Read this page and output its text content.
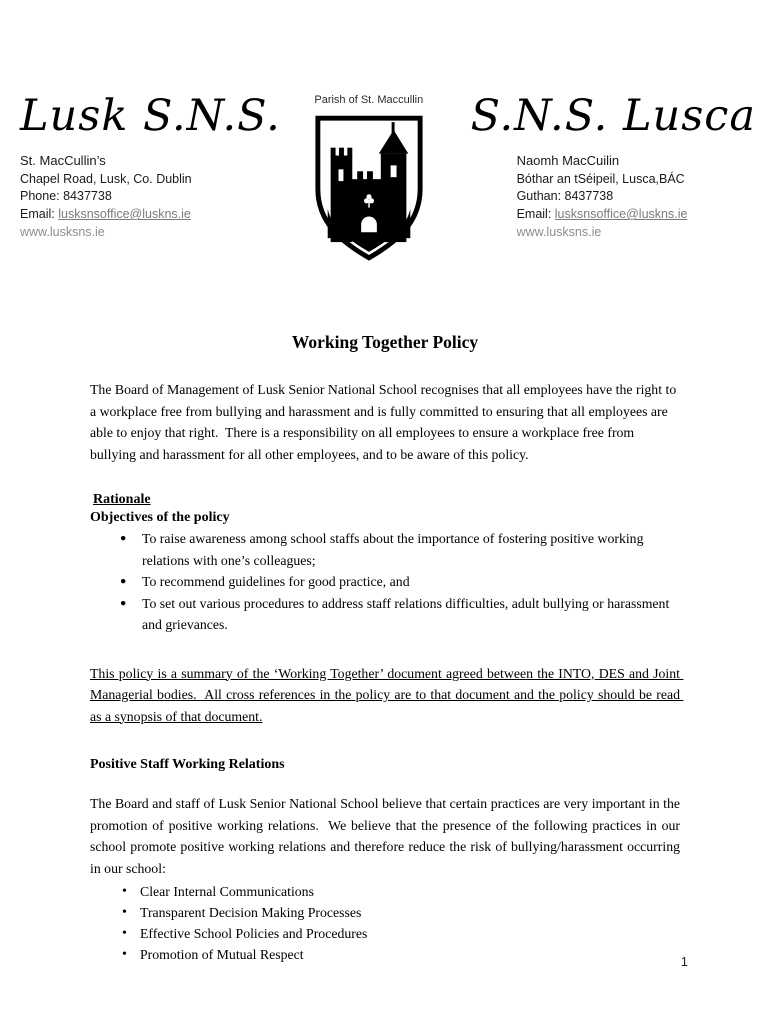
Lusk S.N.S.
St. MacCullin’s
Chapel Road, Lusk, Co. Dublin
Phone: 8437738
Email: lusksnsoffice@luskns.ie
www.lusksns.ie
Parish of St. Maccullin	S.N.S. Lusca
Naomh MacCuilin
Bóthar an tSéipeil, Lusca,BÁC
Guthan: 8437738
Email: lusksnsoffice@luskns.ie
www.lusksns.ie
Working Together Policy

The Board of Management of Lusk Senior National School recognises that all employees have the right to a workplace free from bullying and harassment and is fully committed to ensuring that all employees are able to enjoy that right.  There is a responsibility on all employees to ensure a workplace free from bullying and harassment for all other employees, and to be aware of this policy.

Rationale
Objectives of the policy
● To raise awareness among school staffs about the importance of fostering positive working relations with one’s colleagues;
● To recommend guidelines for good practice, and
● To set out various procedures to address staff relations difficulties, adult bullying or harassment and grievances.

This policy is a summary of the ‘Working Together’ document agreed between the INTO, DES and Joint Managerial bodies.  All cross references in the policy are to that document and the policy should be read as a synopsis of that document.

Positive Staff Working Relations

The Board and staff of Lusk Senior National School believe that certain practices are very important in the promotion of positive working relations.  We believe that the presence of the following practices in our school promote positive working relations and therefore reduce the risk of bullying/harassment occurring in our school:

• Clear Internal Communications
• Transparent Decision Making Processes
• Effective School Policies and Procedures
• Promotion of Mutual Respect	1
